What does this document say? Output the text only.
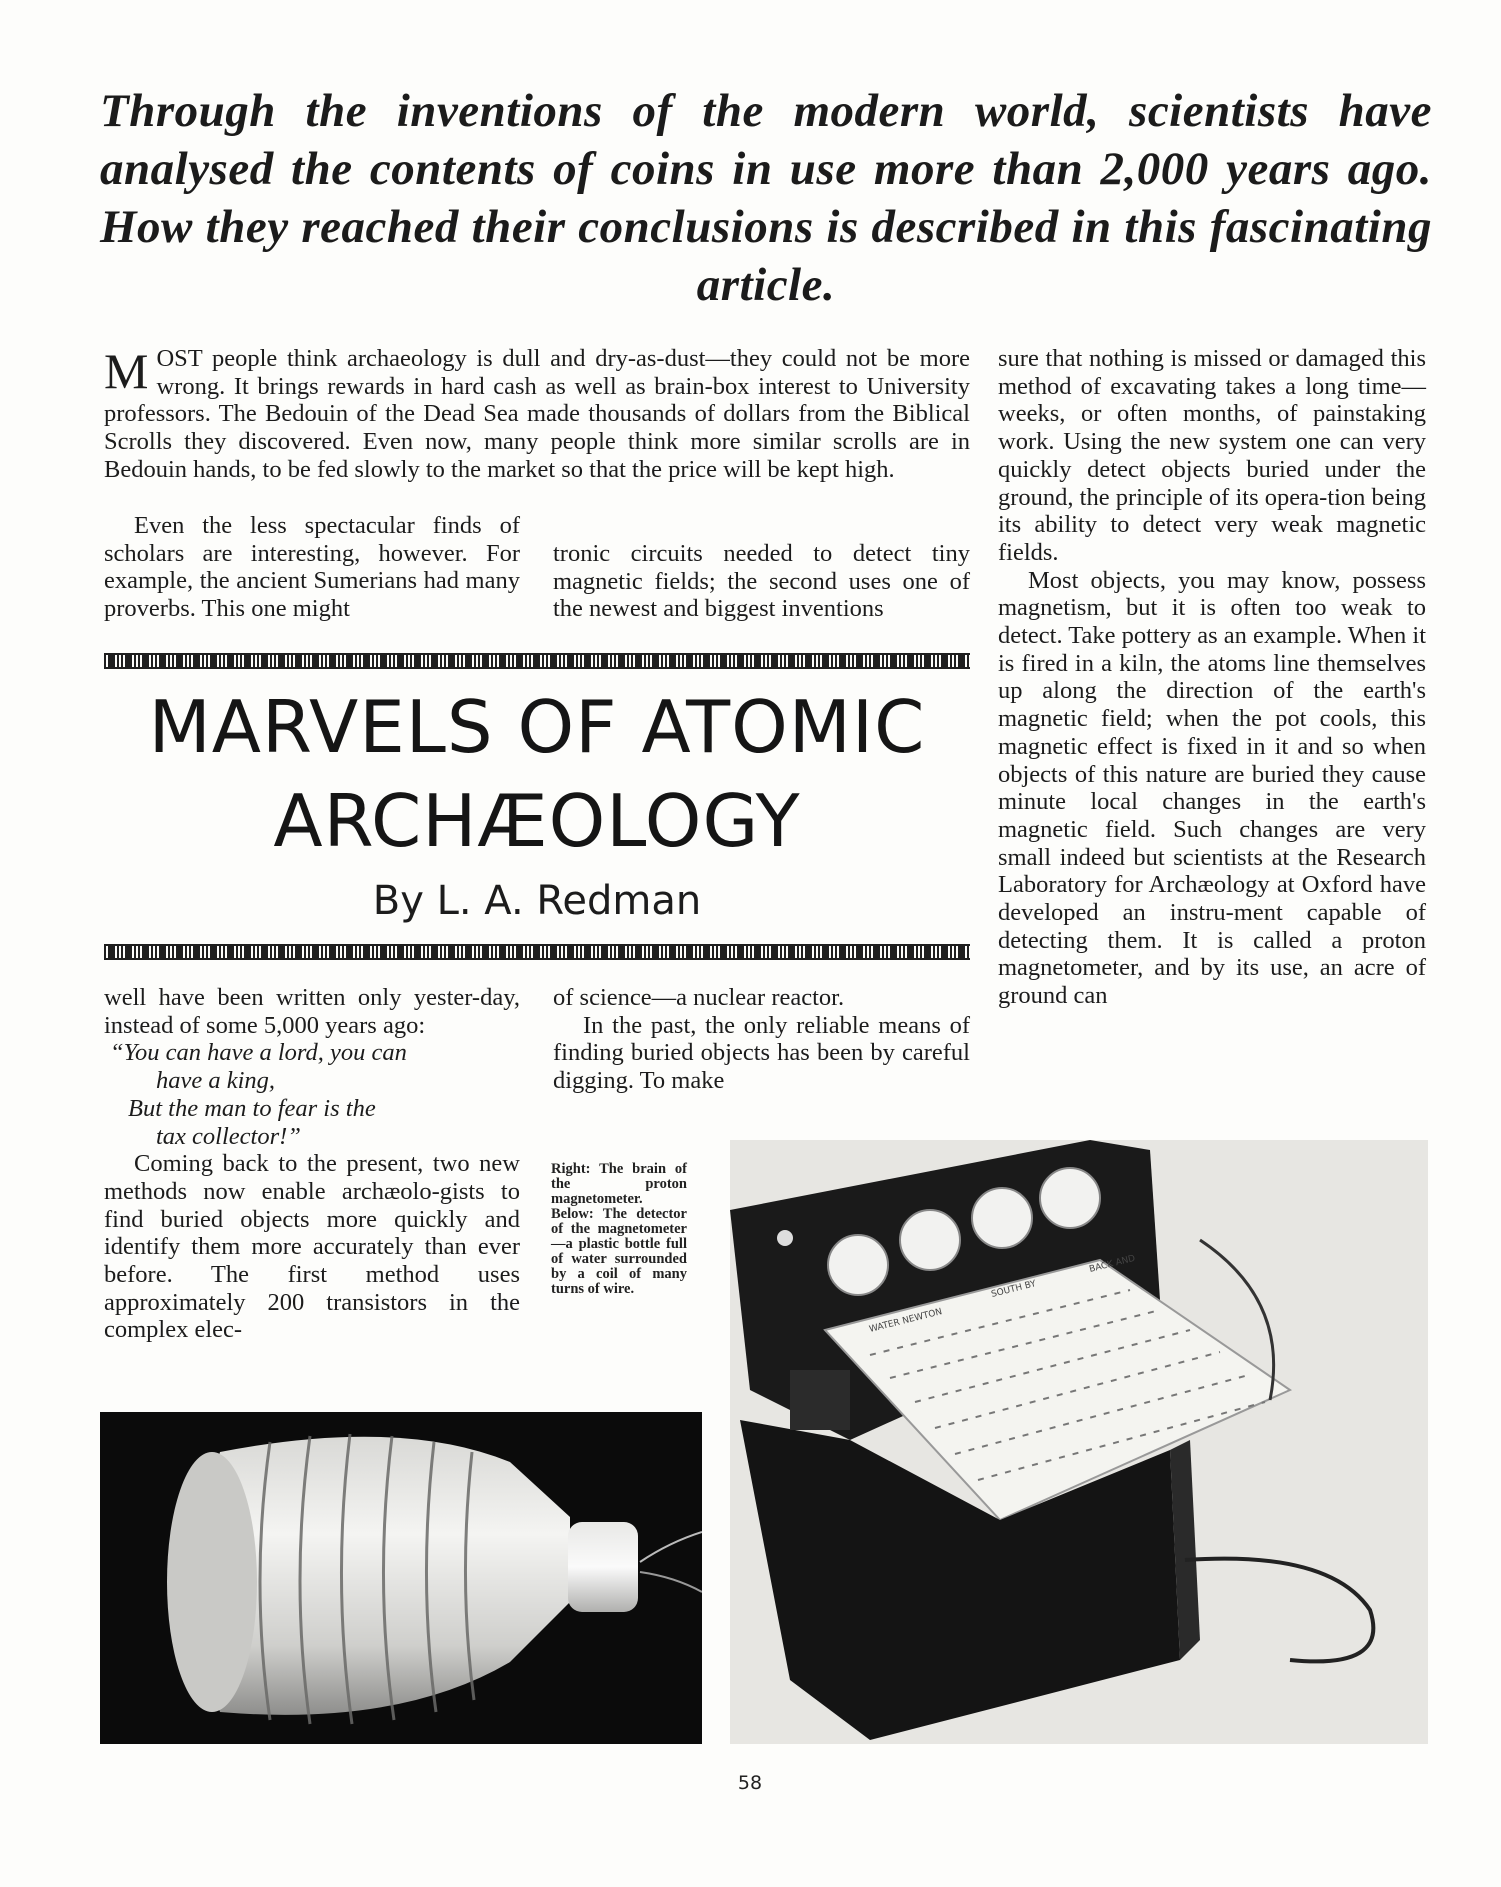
Through the inventions of the modern world, scientists have analysed the contents of coins in use more than 2,000 years ago. How they reached their conclusions is described in this fascinating article.

MOST people think archaeology is dull and dry-as-dust—they could not be more wrong. It brings rewards in hard cash as well as brain-box interest to University professors. The Bedouin of the Dead Sea made thousands of dollars from the Biblical Scrolls they discovered. Even now, many people think more similar scrolls are in Bedouin hands, to be fed slowly to the market so that the price will be kept high.

Even the less spectacular finds of scholars are interesting, however. For example, the ancient Sumerians had many proverbs. This one might

tronic circuits needed to detect tiny magnetic fields; the second uses one of the newest and biggest inventions

MARVELS OF ATOMIC
ARCHÆOLOGY
By L. A. Redman

sure that nothing is missed or damaged this method of excavating takes a long time—weeks, or often months, of painstaking work. Using the new system one can very quickly detect objects buried under the ground, the principle of its opera-tion being its ability to detect very weak magnetic fields.

Most objects, you may know, possess magnetism, but it is often too weak to detect. Take pottery as an example. When it is fired in a kiln, the atoms line themselves up along the direction of the earth's magnetic field; when the pot cools, this magnetic effect is fixed in it and so when objects of this nature are buried they cause minute local changes in the earth's magnetic field. Such changes are very small indeed but scientists at the Research Laboratory for Archæology at Oxford have developed an instru-ment capable of detecting them. It is called a proton magnetometer, and by its use, an acre of ground can

well have been written only yester-day, instead of some 5,000 years ago:

“You can have a lord, you can
have a king,
But the man to fear is the
tax collector!”

Coming back to the present, two new methods now enable archæolo-gists to find buried objects more quickly and identify them more accurately than ever before. The first method uses approximately 200 transistors in the complex elec-

of science—a nuclear reactor.

In the past, the only reliable means of finding buried objects has been by careful digging. To make

Right: The brain of the proton magnetometer. Below: The detector of the magnetometer—a plastic bottle full of water surrounded by a coil of many turns of wire.
WATER NEWTON
SOUTH BY
BACK AND
58
